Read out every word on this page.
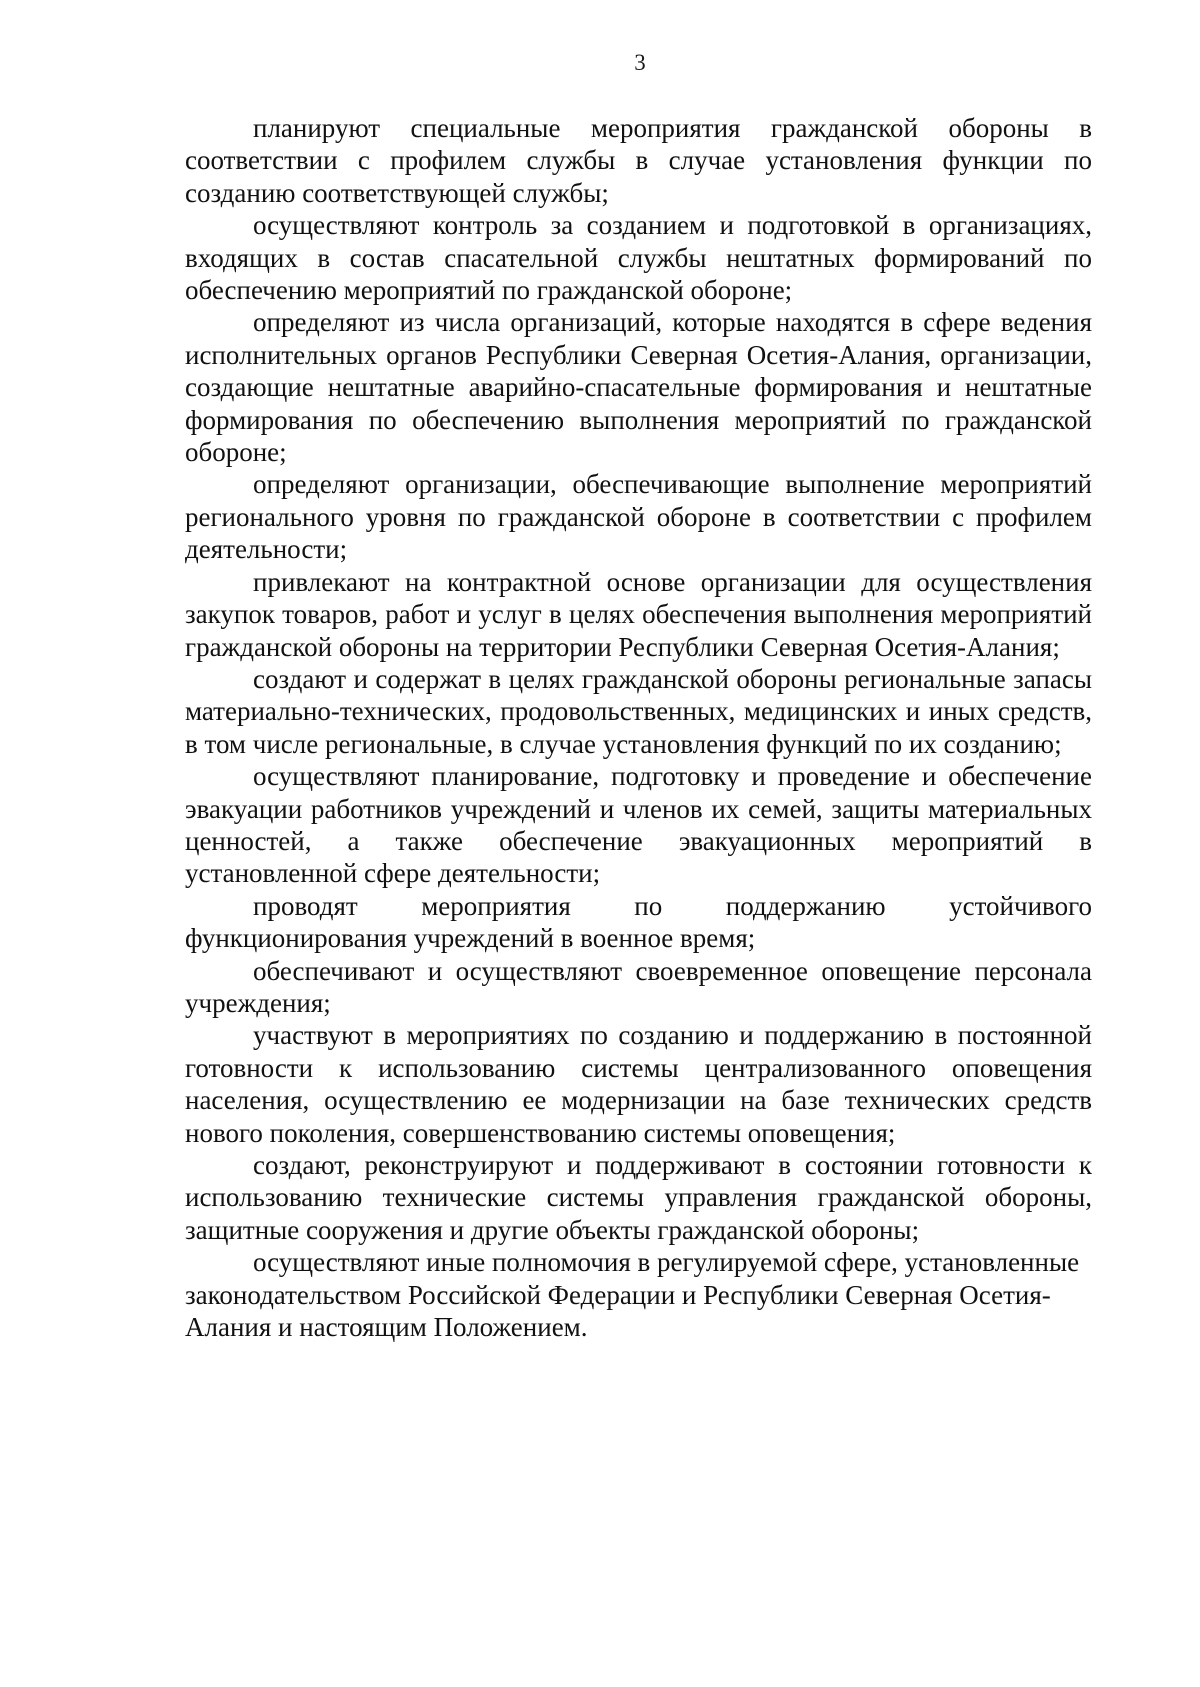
3

планируют специальные мероприятия гражданской обороны в соответствии с профилем службы в случае установления функции по созданию соответствующей службы;

осуществляют контроль за созданием и подготовкой в организациях, входящих в состав спасательной службы нештатных формирований по обеспечению мероприятий по гражданской обороне;

определяют из числа организаций, которые находятся в сфере ведения исполнительных органов Республики Северная Осетия-Алания, организации, создающие нештатные аварийно-спасательные формирования и нештатные формирования по обеспечению выполнения мероприятий по гражданской обороне;

определяют организации, обеспечивающие выполнение мероприятий регионального уровня по гражданской обороне в соответствии с профилем деятельности;

привлекают на контрактной основе организации для осуществления закупок товаров, работ и услуг в целях обеспечения выполнения мероприятий гражданской обороны на территории Республики Северная Осетия-Алания;

создают и содержат в целях гражданской обороны региональные запасы материально-технических, продовольственных, медицинских и иных средств, в том числе региональные, в случае установления функций по их созданию;

осуществляют планирование, подготовку и проведение и обеспечение эвакуации работников учреждений и членов их семей, защиты материальных ценностей, а также обеспечение эвакуационных мероприятий в установленной сфере деятельности;

проводят мероприятия по поддержанию устойчивого функционирования учреждений в военное время;

обеспечивают и осуществляют своевременное оповещение персонала учреждения;

участвуют в мероприятиях по созданию и поддержанию в постоянной готовности к использованию системы централизованного оповещения населения, осуществлению ее модернизации на базе технических средств нового поколения, совершенствованию системы оповещения;

создают, реконструируют и поддерживают в состоянии готовности к использованию технические системы управления гражданской обороны, защитные сооружения и другие объекты гражданской обороны;

осуществляют иные полномочия в регулируемой сфере, установленные законодательством Российской Федерации и Республики Северная Осетия-Алания и настоящим Положением.
